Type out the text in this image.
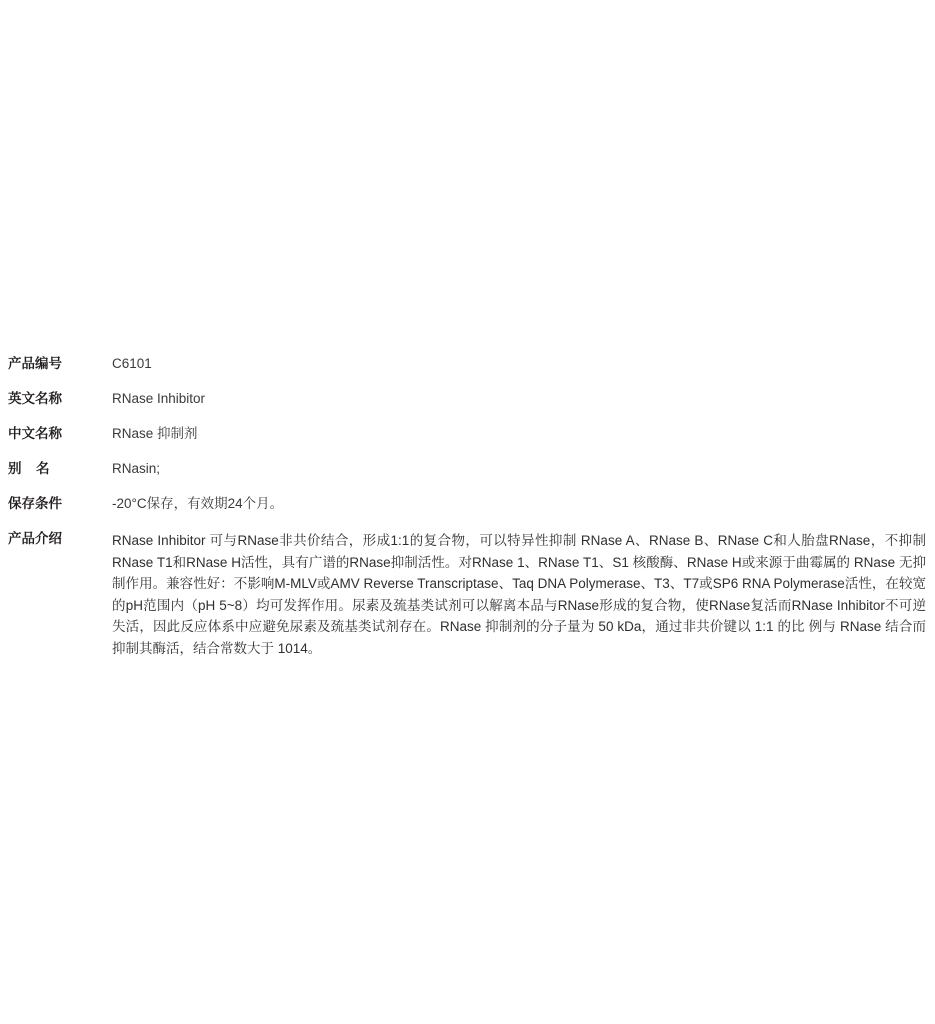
产品编号	C6101
英文名称	RNase Inhibitor
中文名称	RNase 抑制剂
别　名	RNasin;
保存条件	-20°C保存，有效期24个月。
产品介绍	RNase Inhibitor 可与RNase非共价结合，形成1:1的复合物，可以特异性抑制 RNase A、RNase B、RNase C和人胎盘RNase，不抑制RNase T1和RNase H活性，具有广谱的RNase抑制活性。对RNase 1、RNase T1、S1 核酸酶、RNase H或来源于曲霉属的 RNase 无抑制作用。兼容性好：不影响M-MLV或AMV Reverse Transcriptase、Taq DNA Polymerase、T3、T7或SP6 RNA Polymerase活性，在较宽的pH范围内（pH 5~8）均可发挥作用。尿素及巯基类试剂可以解离本品与RNase形成的复合物，使RNase复活而RNase Inhibitor不可逆失活，因此反应体系中应避免尿素及巯基类试剂存在。RNase 抑制剂的分子量为 50 kDa，通过非共价键以 1:1 的比 例与 RNase 结合而抑制其酶活，结合常数大于 1014。
